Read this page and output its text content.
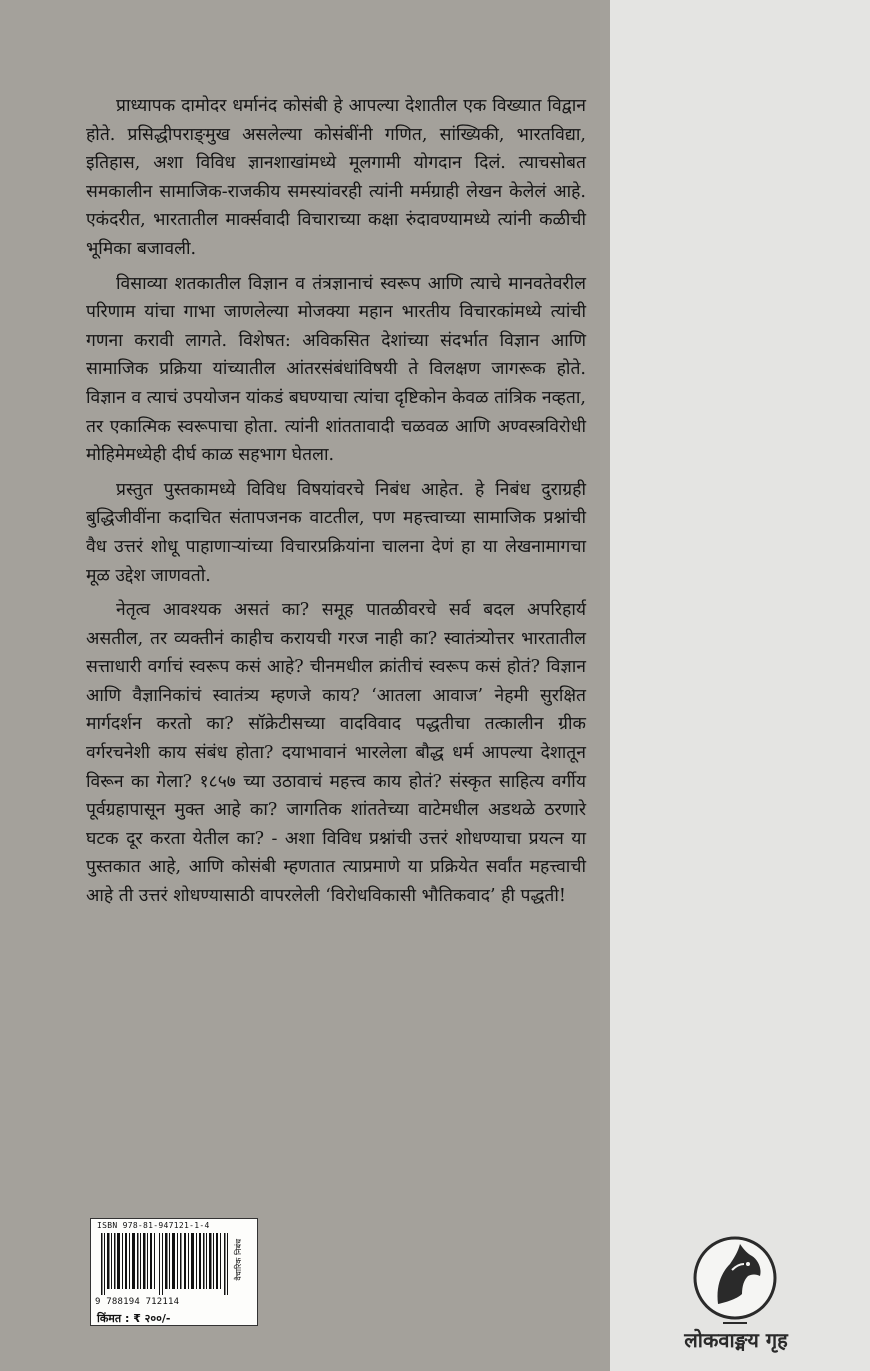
प्राध्यापक दामोदर धर्मानंद कोसंबी हे आपल्या देशातील एक विख्यात विद्वान होते. प्रसिद्धीपराङ्‌मुख असलेल्या कोसंबींनी गणित, सांख्यिकी, भारतविद्या, इतिहास, अशा विविध ज्ञानशाखांमध्ये मूलगामी योगदान दिलं. त्याचसोबत समकालीन सामाजिक-राजकीय समस्यांवरही त्यांनी मर्मग्राही लेखन केलेलं आहे. एकंदरीत, भारतातील मार्क्सवादी विचाराच्या कक्षा रुंदावण्यामध्ये त्यांनी कळीची भूमिका बजावली.

विसाव्या शतकातील विज्ञान व तंत्रज्ञानाचं स्वरूप आणि त्याचे मानवतेवरील परिणाम यांचा गाभा जाणलेल्या मोजक्या महान भारतीय विचारकांमध्ये त्यांची गणना करावी लागते. विशेषत: अविकसित देशांच्या संदर्भात विज्ञान आणि सामाजिक प्रक्रिया यांच्यातील आंतरसंबंधांविषयी ते विलक्षण जागरूक होते. विज्ञान व त्याचं उपयोजन यांकडं बघण्याचा त्यांचा दृष्टिकोन केवळ तांत्रिक नव्हता, तर एकात्मिक स्वरूपाचा होता. त्यांनी शांततावादी चळवळ आणि अण्वस्त्रविरोधी मोहिमेमध्येही दीर्घ काळ सहभाग घेतला.

प्रस्तुत पुस्तकामध्ये विविध विषयांवरचे निबंध आहेत. हे निबंध दुराग्रही बुद्धिजीवींना कदाचित संतापजनक वाटतील, पण महत्त्वाच्या सामाजिक प्रश्नांची वैध उत्तरं शोधू पाहाणाऱ्यांच्या विचारप्रक्रियांना चालना देणं हा या लेखनामागचा मूळ उद्देश जाणवतो.

नेतृत्व आवश्यक असतं का? समूह पातळीवरचे सर्व बदल अपरिहार्य असतील, तर व्यक्तीनं काहीच करायची गरज नाही का? स्वातंत्र्योत्तर भारतातील सत्ताधारी वर्गाचं स्वरूप कसं आहे? चीनमधील क्रांतीचं स्वरूप कसं होतं? विज्ञान आणि वैज्ञानिकांचं स्वातंत्र्य म्हणजे काय? ‘आतला आवाज’ नेहमी सुरक्षित मार्गदर्शन करतो का? सॉक्रेटीसच्या वादविवाद पद्धतीचा तत्कालीन ग्रीक वर्गरचनेशी काय संबंध होता? दयाभावानं भारलेला बौद्ध धर्म आपल्या देशातून विरून का गेला? १८५७ च्या उठावाचं महत्त्व काय होतं? संस्कृत साहित्य वर्गीय पूर्वग्रहापासून मुक्त आहे का? जागतिक शांततेच्या वाटेमधील अडथळे ठरणारे घटक दूर करता येतील का? - अशा विविध प्रश्नांची उत्तरं शोधण्याचा प्रयत्न या पुस्तकात आहे, आणि कोसंबी म्हणतात त्याप्रमाणे या प्रक्रियेत सर्वांत महत्त्वाची आहे ती उत्तरं शोधण्यासाठी वापरलेली ‘विरोधविकासी भौतिकवाद’ ही पद्धती!

ISBN 978-81-947121-1-4
वैचारिक निबंध
9 788194 712114
किंमत : ₹ २००/-
लोकवाङ्मय गृह
